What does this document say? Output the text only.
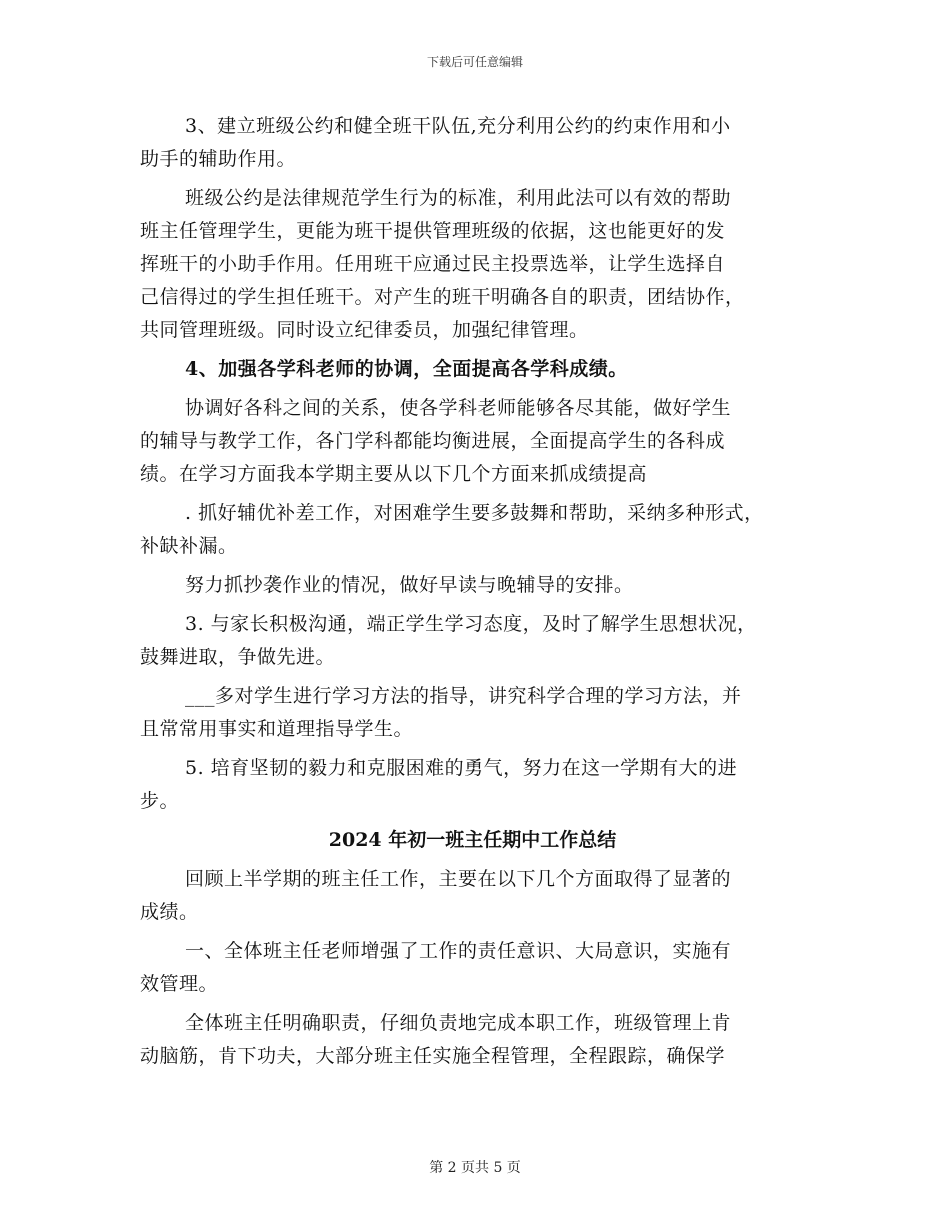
下载后可任意编辑

3、建立班级公约和健全班干队伍,充分利用公约的约束作用和小
助手的辅助作用。

班级公约是法律规范学生行为的标准，利用此法可以有效的帮助
班主任管理学生，更能为班干提供管理班级的依据，这也能更好的发
挥班干的小助手作用。任用班干应通过民主投票选举，让学生选择自
己信得过的学生担任班干。对产生的班干明确各自的职责，团结协作，
共同管理班级。同时设立纪律委员，加强纪律管理。

4、加强各学科老师的协调，全面提高各学科成绩。

协调好各科之间的关系，使各学科老师能够各尽其能，做好学生
的辅导与教学工作，各门学科都能均衡进展，全面提高学生的各科成
绩。在学习方面我本学期主要从以下几个方面来抓成绩提高

. 抓好辅优补差工作，对困难学生要多鼓舞和帮助，采纳多种形式，
补缺补漏。

努力抓抄袭作业的情况，做好早读与晚辅导的安排。

3. 与家长积极沟通，端正学生学习态度，及时了解学生思想状况，
鼓舞进取，争做先进。

___多对学生进行学习方法的指导，讲究科学合理的学习方法，并
且常常用事实和道理指导学生。

5. 培育坚韧的毅力和克服困难的勇气，努力在这一学期有大的进
步。

2024 年初一班主任期中工作总结

回顾上半学期的班主任工作，主要在以下几个方面取得了显著的
成绩。

一、全体班主任老师增强了工作的责任意识、大局意识，实施有
效管理。

全体班主任明确职责，仔细负责地完成本职工作，班级管理上肯
动脑筋，肯下功夫，大部分班主任实施全程管理，全程跟踪，确保学

第 2 页共 5 页
